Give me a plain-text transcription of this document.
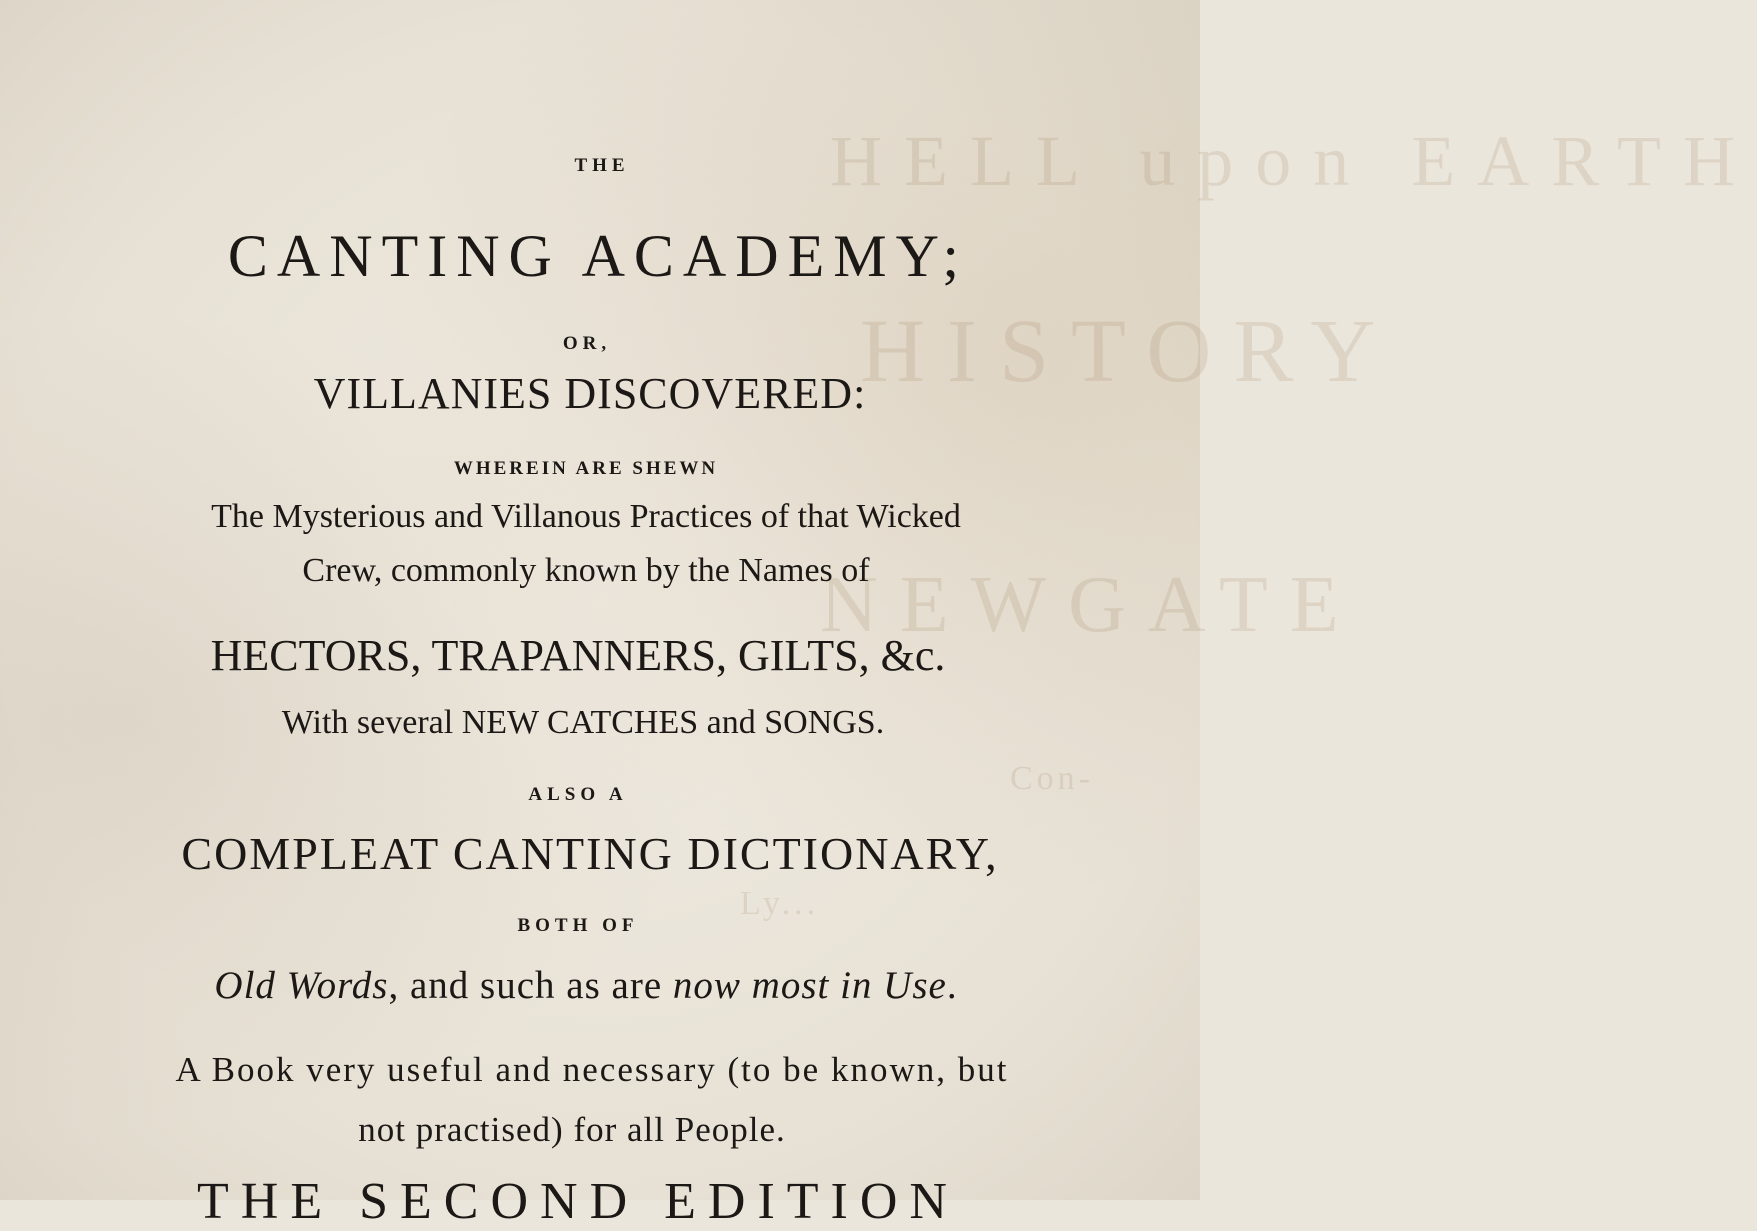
HELL upon EARTH
HISTORY
NEWGATE
Con-
Ly...
THE
CANTING ACADEMY;
OR,
VILLANIES DISCOVERED:
WHEREIN ARE SHEWN
The Mysterious and Villanous Practices of that Wicked
Crew, commonly known by the Names of
HECTORS, TRAPANNERS, GILTS, &c.
With several NEW CATCHES and SONGS.
ALSO A
COMPLEAT CANTING DICTIONARY,
BOTH OF
Old Words, and such as are now most in Use.
A Book very useful and necessary (to be known, but
not practised) for all People.
THE SECOND EDITION
